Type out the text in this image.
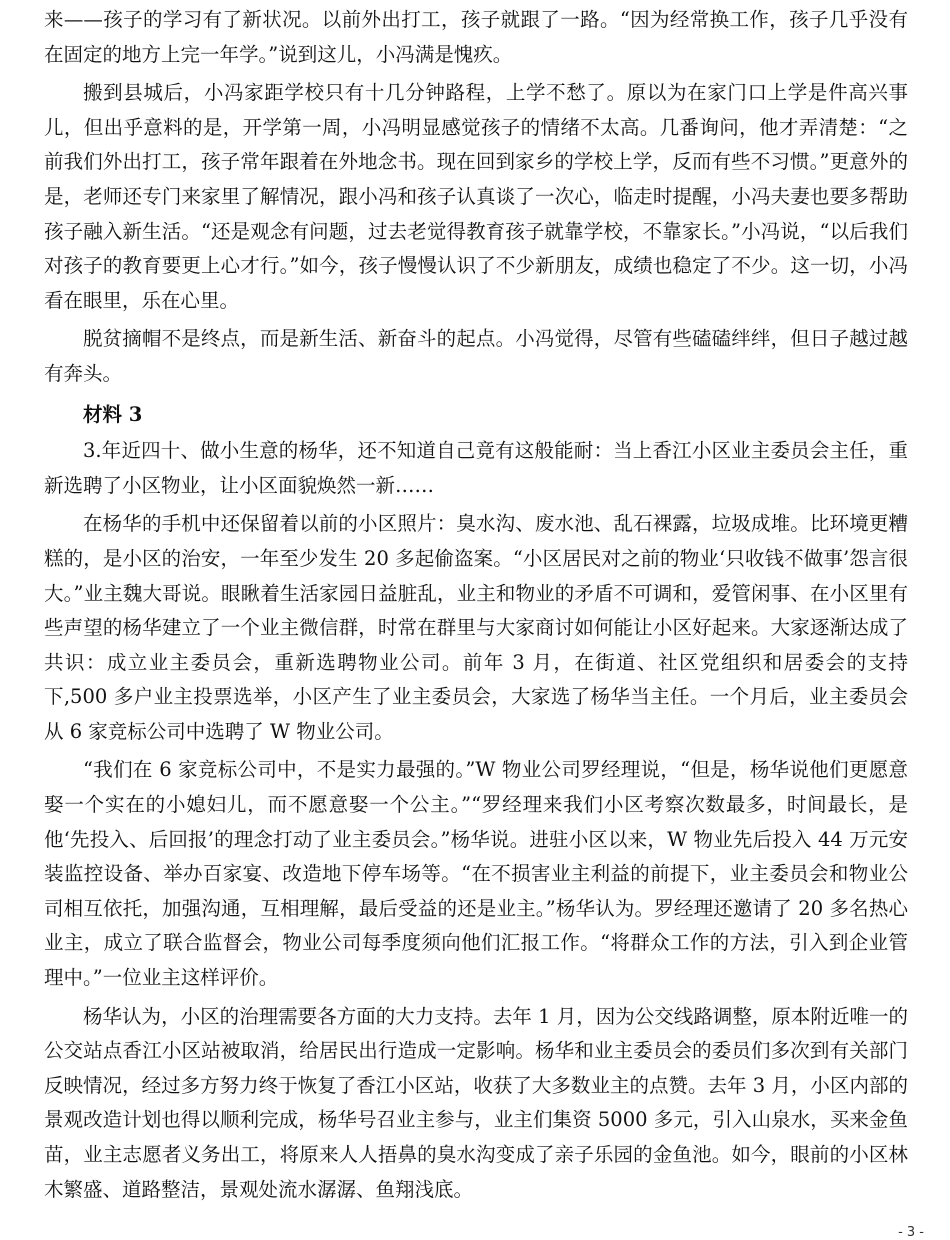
来——孩子的学习有了新状况。以前外出打工，孩子就跟了一路。“因为经常换工作，孩子几乎没有在固定的地方上完一年学。”说到这儿，小冯满是愧疚。

搬到县城后，小冯家距学校只有十几分钟路程，上学不愁了。原以为在家门口上学是件高兴事儿，但出乎意料的是，开学第一周，小冯明显感觉孩子的情绪不太高。几番询问，他才弄清楚：“之前我们外出打工，孩子常年跟着在外地念书。现在回到家乡的学校上学，反而有些不习惯。”更意外的是，老师还专门来家里了解情况，跟小冯和孩子认真谈了一次心，临走时提醒，小冯夫妻也要多帮助孩子融入新生活。“还是观念有问题，过去老觉得教育孩子就靠学校，不靠家长。”小冯说，“以后我们对孩子的教育要更上心才行。”如今，孩子慢慢认识了不少新朋友，成绩也稳定了不少。这一切，小冯看在眼里，乐在心里。

脱贫摘帽不是终点，而是新生活、新奋斗的起点。小冯觉得，尽管有些磕磕绊绊，但日子越过越有奔头。

材料 3

3.年近四十、做小生意的杨华，还不知道自己竟有这般能耐：当上香江小区业主委员会主任，重新选聘了小区物业，让小区面貌焕然一新……

在杨华的手机中还保留着以前的小区照片：臭水沟、废水池、乱石裸露，垃圾成堆。比环境更糟糕的，是小区的治安，一年至少发生 20 多起偷盗案。“小区居民对之前的物业‘只收钱不做事’怨言很大。”业主魏大哥说。眼瞅着生活家园日益脏乱，业主和物业的矛盾不可调和，爱管闲事、在小区里有些声望的杨华建立了一个业主微信群，时常在群里与大家商讨如何能让小区好起来。大家逐渐达成了共识：成立业主委员会，重新选聘物业公司。前年 3 月，在街道、社区党组织和居委会的支持下,500 多户业主投票选举，小区产生了业主委员会，大家选了杨华当主任。一个月后，业主委员会从 6 家竞标公司中选聘了 W 物业公司。

“我们在 6 家竞标公司中，不是实力最强的。”W 物业公司罗经理说，“但是，杨华说他们更愿意娶一个实在的小媳妇儿，而不愿意娶一个公主。”“罗经理来我们小区考察次数最多，时间最长，是他‘先投入、后回报’的理念打动了业主委员会。”杨华说。进驻小区以来，W 物业先后投入 44 万元安装监控设备、举办百家宴、改造地下停车场等。“在不损害业主利益的前提下，业主委员会和物业公司相互依托，加强沟通，互相理解，最后受益的还是业主。”杨华认为。罗经理还邀请了 20 多名热心业主，成立了联合监督会，物业公司每季度须向他们汇报工作。“将群众工作的方法，引入到企业管理中。”一位业主这样评价。

杨华认为，小区的治理需要各方面的大力支持。去年 1 月，因为公交线路调整，原本附近唯一的公交站点香江小区站被取消，给居民出行造成一定影响。杨华和业主委员会的委员们多次到有关部门反映情况，经过多方努力终于恢复了香江小区站，收获了大多数业主的点赞。去年 3 月，小区内部的景观改造计划也得以顺利完成，杨华号召业主参与，业主们集资 5000 多元，引入山泉水，买来金鱼苗，业主志愿者义务出工，将原来人人捂鼻的臭水沟变成了亲子乐园的金鱼池。如今，眼前的小区林木繁盛、道路整洁，景观处流水潺潺、鱼翔浅底。

- 3 -
